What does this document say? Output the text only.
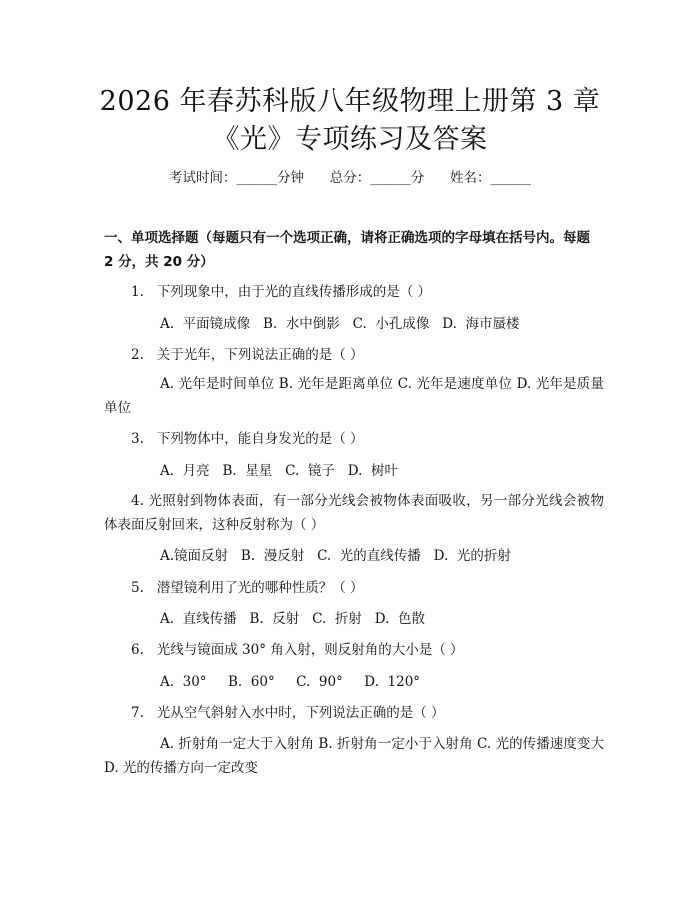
2026 年春苏科版八年级物理上册第 3 章
《光》专项练习及答案
考试时间：______分钟      总分：______分      姓名：______
一、单项选择题（每题只有一个选项正确，请将正确选项的字母填在括号内。每题 2 分，共 20 分）
1.   下列现象中，由于光的直线传播形成的是（ ）
A.  平面镜成像   B.  水中倒影   C.  小孔成像   D.  海市蜃楼
2.   关于光年，下列说法正确的是（ ）
A. 光年是时间单位 B. 光年是距离单位 C. 光年是速度单位 D. 光年是质量单位
3.   下列物体中，能自身发光的是（ ）
A.  月亮   B.  星星   C.  镜子   D.  树叶
4. 光照射到物体表面，有一部分光线会被物体表面吸收，另一部分光线会被物体表面反射回来，这种反射称为（ ）
A.镜面反射   B.  漫反射   C.  光的直线传播   D.  光的折射
5.   潜望镜利用了光的哪种性质？（ ）
A.  直线传播   B.  反射   C.  折射   D.  色散
6.   光线与镜面成 30° 角入射，则反射角的大小是（ ）
A.  30°     B.  60°     C.  90°     D.  120°
7.   光从空气斜射入水中时，下列说法正确的是（ ）
A. 折射角一定大于入射角 B. 折射角一定小于入射角 C. 光的传播速度变大 D. 光的传播方向一定改变
